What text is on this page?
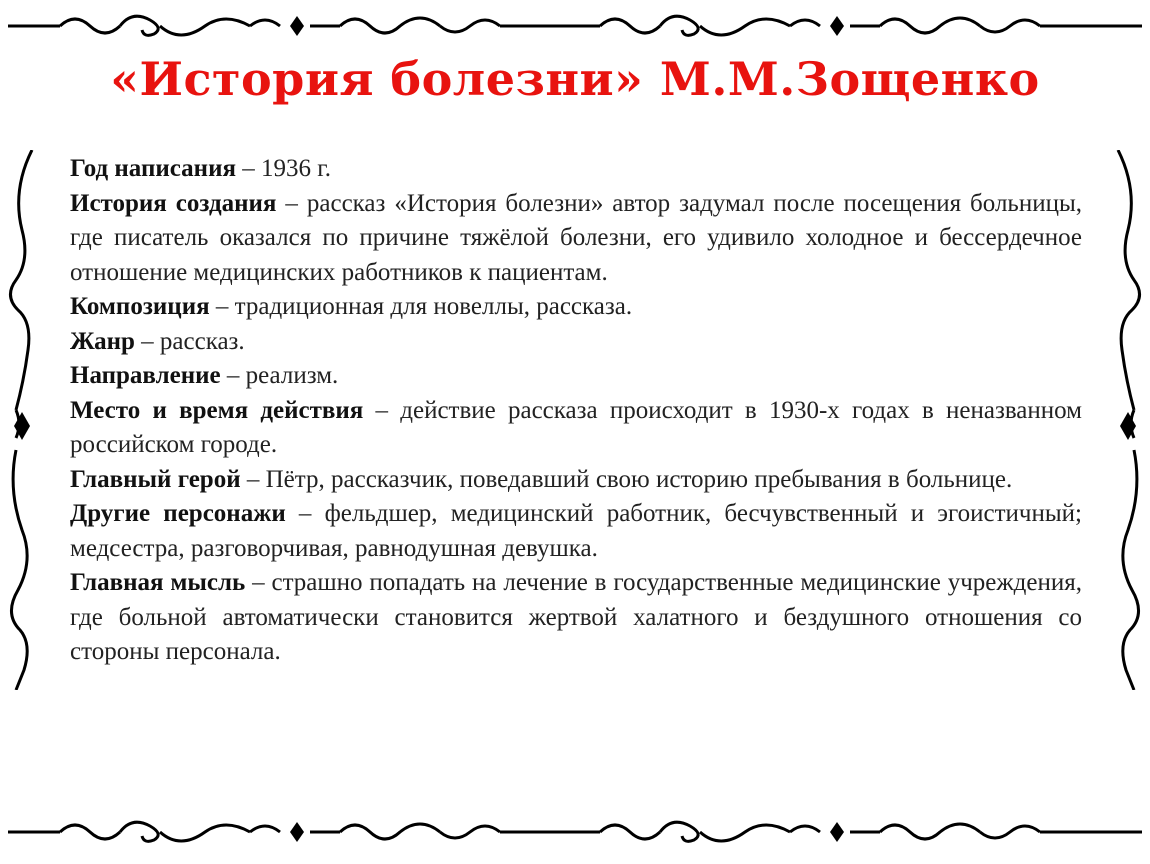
«История болезни» М.М.Зощенко

Год написания – 1936 г.

История создания – рассказ «История болезни» автор задумал после посещения больницы, где писатель оказался по причине тяжёлой болезни, его удивило холодное и бессердечное отношение медицинских работников к пациентам.

Композиция – традиционная для новеллы, рассказа.

Жанр – рассказ.

Направление – реализм.

Место и время действия – действие рассказа происходит в 1930-х годах в неназванном российском городе.

Главный герой – Пётр, рассказчик, поведавший свою историю пребывания в больнице.

Другие персонажи – фельдшер, медицинский работник, бесчувственный и эгоистичный; медсестра, разговорчивая, равнодушная девушка.

Главная мысль – страшно попадать на лечение в государственные медицинские учреждения, где больной автоматически становится жертвой халатного и бездушного отношения со стороны персонала.
